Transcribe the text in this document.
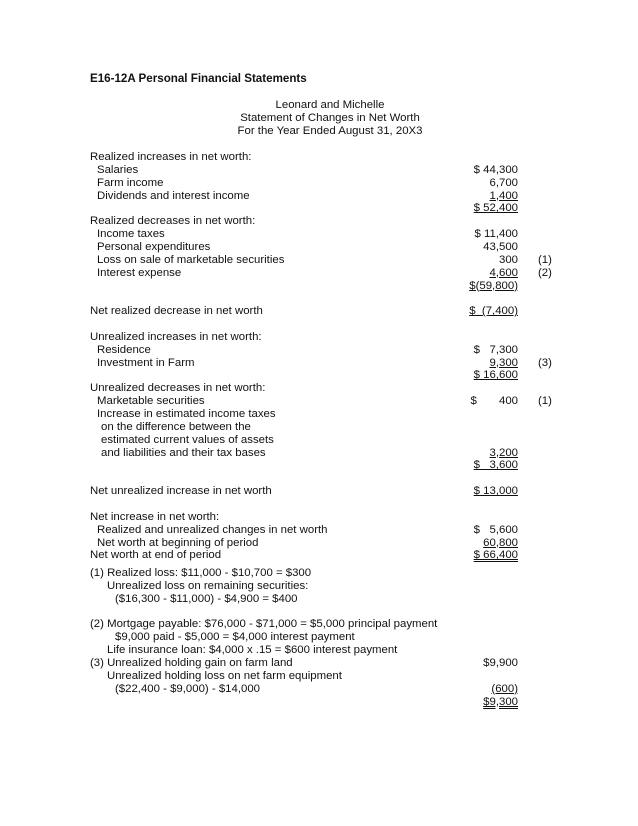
E16-12A Personal Financial Statements
Leonard and Michelle
Statement of Changes in Net Worth
For the Year Ended August 31, 20X3
Realized increases in net worth:
Salaries	$ 44,300
Farm income	6,700
Dividends and interest income	1,400
$ 52,400
Realized decreases in net worth:
Income taxes	$ 11,400
Personal expenditures	43,500
Loss on sale of marketable securities	300 (1)
Interest expense	4,600 (2)
$(59,800)
Net realized decrease in net worth	$  (7,400)
Unrealized increases in net worth:
Residence	$   7,300
Investment in Farm	9,300 (3)
$ 16,600
Unrealized decreases in net worth:
Marketable securities	$       400 (1)
Increase in estimated income taxes
on the difference between the
estimated current values of assets
and liabilities and their tax bases	3,200
$   3,600
Net unrealized increase in net worth	$ 13,000
Net increase in net worth:
Realized and unrealized changes in net worth	$   5,600
Net worth at beginning of period	60,800
Net worth at end of period	$ 66,400
(1) Realized loss: $11,000 - $10,700 = $300
Unrealized loss on remaining securities:
($16,300 - $11,000) - $4,900 = $400
(2) Mortgage payable: $76,000 - $71,000 = $5,000 principal payment
$9,000 paid - $5,000 = $4,000 interest payment
Life insurance loan: $4,000 x .15 = $600 interest payment
(3) Unrealized holding gain on farm land	$9,900
Unrealized holding loss on net farm equipment
($22,400 - $9,000) - $14,000	(600)
$9,300
